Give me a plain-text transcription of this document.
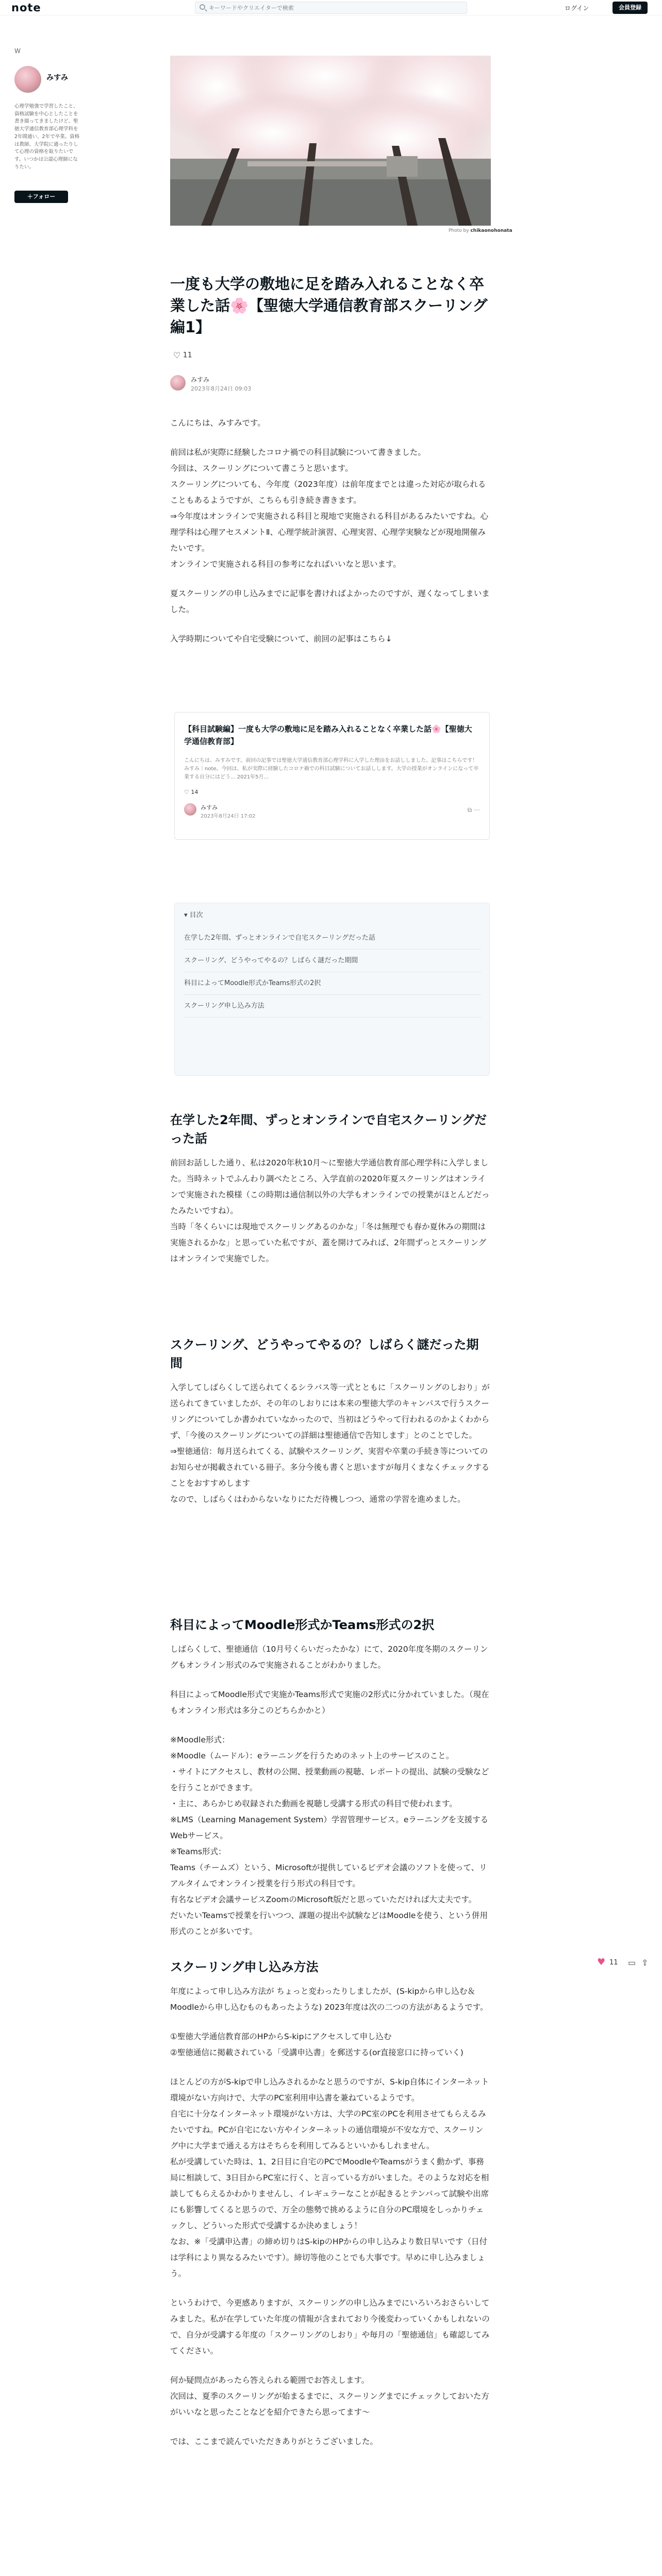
note
キーワードやクリエイターで検索	ログイン	会員登録
W
みすみ
心理学勉強で学習したこと、資格試験を中心としたことを書き綴ってきましたけど、聖徳大学通信教育部心理学科を2年間通い、2年で卒業。資格は教師、大学院に通ったりして心理の資格を取りたいです。いつかは公認心理師になりたい。
＋フォロー
Photo by chikaonohonata
一度も大学の敷地に足を踏み入れることなく卒業した話🌸【聖徳大学通信教育部スクーリング編1】
♡ 11
みすみ
2023年8月24日 09:03

こんにちは、みすみです。

前回は私が実際に経験したコロナ禍での科目試験について書きました。
今回は、スクーリングについて書こうと思います。
スクーリングについても、今年度（2023年度）は前年度までとは違った対応が取られることもあるようですが、こちらも引き続き書きます。
⇒今年度はオンラインで実施される科目と現地で実施される科目があるみたいですね。心理学科は心理アセスメントⅡ、心理学統計演習、心理実習、心理学実験などが現地開催みたいです。
オンラインで実施される科目の参考になればいいなと思います。

夏スクーリングの申し込みまでに記事を書ければよかったのですが、遅くなってしまいました。

入学時期についてや自宅受験について、前回の記事はこちら↓

【科目試験編】一度も大学の敷地に足を踏み入れることなく卒業した話🌸【聖徳大学通信教育部】
こんにちは、みすみです。前回の記事では聖徳大学通信教育部心理学科に入学した理由をお話ししました。記事はこちらです！みすみ｜note。今回は、私が実際に経験したコロナ禍での科目試験についてお話しします。大学の授業がオンラインになって卒業する自分にはどう... 2021年5月...
♡ 14
みすみ
2023年8月24日 17:02
⧉ ⋯
▾ 目次
在学した2年間、ずっとオンラインで自宅スクーリングだった話
スクーリング、どうやってやるの？しばらく謎だった期間
科目によってMoodle形式かTeams形式の2択
スクーリング申し込み方法
在学した2年間、ずっとオンラインで自宅スクーリングだった話

前回お話しした通り、私は2020年秋10月～に聖徳大学通信教育部心理学科に入学しました。当時ネットでふんわり調べたところ、入学直前の2020年夏スクーリングはオンラインで実施された模様（この時期は通信制以外の大学もオンラインでの授業がほとんどだったみたいですね）。
当時「冬くらいには現地でスクーリングあるのかな」「冬は無理でも春か夏休みの期間は実施されるかな」と思っていた私ですが、蓋を開けてみれば、2年間ずっとスクーリングはオンラインで実施でした。

スクーリング、どうやってやるの？しばらく謎だった期間

入学してしばらくして送られてくるシラバス等一式とともに「スクーリングのしおり」が送られてきていましたが、その年のしおりには本来の聖徳大学のキャンパスで行うスクーリングについてしか書かれていなかったので、当初はどうやって行われるのかよくわからず、「今後のスクーリングについての詳細は聖徳通信で告知します」とのことでした。
⇒聖徳通信：毎月送られてくる、試験やスクーリング、実習や卒業の手続き等についてのお知らせが掲載されている冊子。多分今後も書くと思いますが毎月くまなくチェックすることをおすすめします
なので、しばらくはわからないなりにただ待機しつつ、通常の学習を進めました。

科目によってMoodle形式かTeams形式の2択

しばらくして、聖徳通信（10月号くらいだったかな）にて、2020年度冬期のスクーリングもオンライン形式のみで実施されることがわかりました。

科目によってMoodle形式で実施かTeams形式で実施の2形式に分かれていました。（現在もオンライン形式は多分このどちらかかと）

※Moodle形式：
※Moodle（ムードル）：eラーニングを行うためのネット上のサービスのこと。
・サイトにアクセスし、教材の公開、授業動画の視聴、レポートの提出、試験の受験などを行うことができます。
・主に、あらかじめ収録された動画を視聴し受講する形式の科目で使われます。
※LMS（Learning Management System）学習管理サービス。eラーニングを支援するWebサービス。
※Teams形式：
Teams（チームズ）という、Microsoftが提供しているビデオ会議のソフトを使って、リアルタイムでオンライン授業を行う形式の科目です。
有名なビデオ会議サービスZoomのMicrosoft版だと思っていただければ大丈夫です。
だいたいTeamsで授業を行いつつ、課題の提出や試験などはMoodleを使う、という併用形式のことが多いです。

スクーリング申し込み方法

年度によって申し込み方法が ちょっと変わったりしましたが、(S-kipから申し込む＆Moodleから申し込むものもあったような) 2023年度は次の二つの方法があるようです。

①聖徳大学通信教育部のHPからS-kipにアクセスして申し込む
②聖徳通信に掲載されている「受講申込書」を郵送する(or直接窓口に持っていく)

ほとんどの方がS-kipで申し込みされるかなと思うのですが、S-kip自体にインターネット環境がない方向けで、大学のPC室利用申込書を兼ねているようです。
自宅に十分なインターネット環境がない方は、大学のPC室のPCを利用させてもらえるみたいですね。PCが自宅にない方やインターネットの通信環境が不安な方で、スクーリング中に大学まで通える方はそちらを利用してみるといいかもしれません。
私が受講していた時は、1、2日目に自宅のPCでMoodleやTeamsがうまく動かず、事務局に相談して、3日目からPC室に行く、と言っている方がいました。そのような対応を相談してもらえるかわかりませんし、イレギュラーなことが起きるとテンパって試験や出席にも影響してくると思うので、万全の態勢で挑めるように自分のPC環境をしっかりチェックし、どういった形式で受講するか決めましょう！
なお、※「受講申込書」の締め切りはS-kipのHPからの申し込みより数日早いです（日付は学科により異なるみたいです）。締切等他のことでも大事です。早めに申し込みましょう。

というわけで、今更感ありますが、スクーリングの申し込みまでにいろいろおさらいしてみました。私が在学していた年度の情報が含まれており今後変わっていくかもしれないので、自分が受講する年度の「スクーリングのしおり」や毎月の「聖徳通信」も確認してみてください。

何か疑問点があったら答えられる範囲でお答えします。
次回は、夏季のスクーリングが始まるまでに、スクーリングまでにチェックしておいた方がいいなと思ったことなどを紹介できたら思ってます〜

では、ここまで読んでいただきありがとうございました。

♥ 11 ▭ ⇪
